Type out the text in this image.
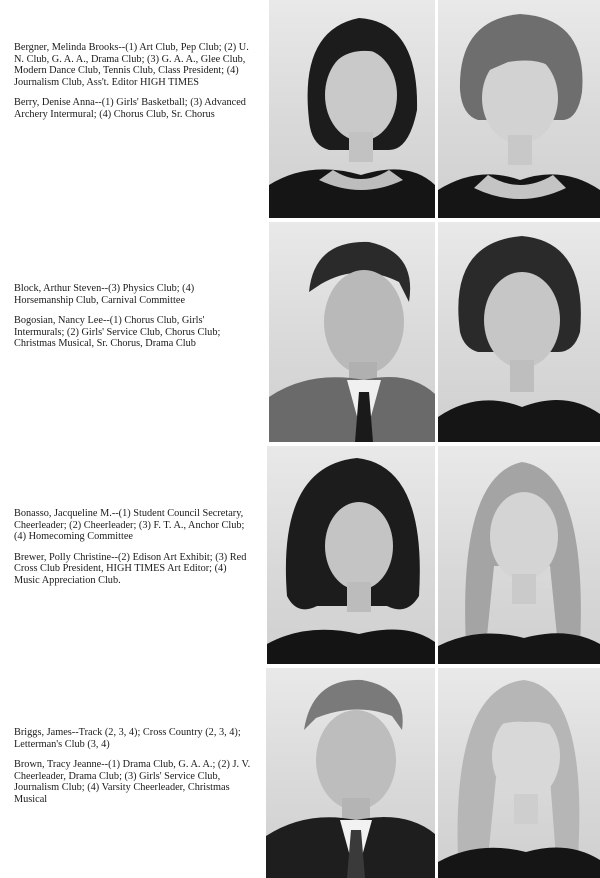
Bergner, Melinda Brooks--(1) Art Club, Pep Club; (2) U. N. Club, G. A. A., Drama Club; (3) G. A. A., Glee Club, Modern Dance Club, Tennis Club, Class President; (4) Journalism Club, Ass't. Editor HIGH TIMES

Berry, Denise Anna--(1) Girls' Basketball; (3) Advanced Archery Intermural; (4) Chorus Club, Sr. Chorus

Block, Arthur Steven--(3) Physics Club; (4) Horsemanship Club, Carnival Committee

Bogosian, Nancy Lee--(1) Chorus Club, Girls' Intermurals; (2) Girls' Service Club, Chorus Club; Christmas Musical, Sr. Chorus, Drama Club

Bonasso, Jacqueline M.--(1) Student Council Secretary, Cheerleader; (2) Cheerleader; (3) F. T. A., Anchor Club; (4) Homecoming Committee

Brewer, Polly Christine--(2) Edison Art Exhibit; (3) Red Cross Club President, HIGH TIMES Art Editor; (4) Music Appreciation Club.

Briggs, James--Track (2, 3, 4); Cross Country (2, 3, 4); Letterman's Club (3, 4)

Brown, Tracy Jeanne--(1) Drama Club, G. A. A.; (2) J. V. Cheerleader, Drama Club; (3) Girls' Service Club, Journalism Club; (4) Varsity Cheerleader, Christmas Musical
